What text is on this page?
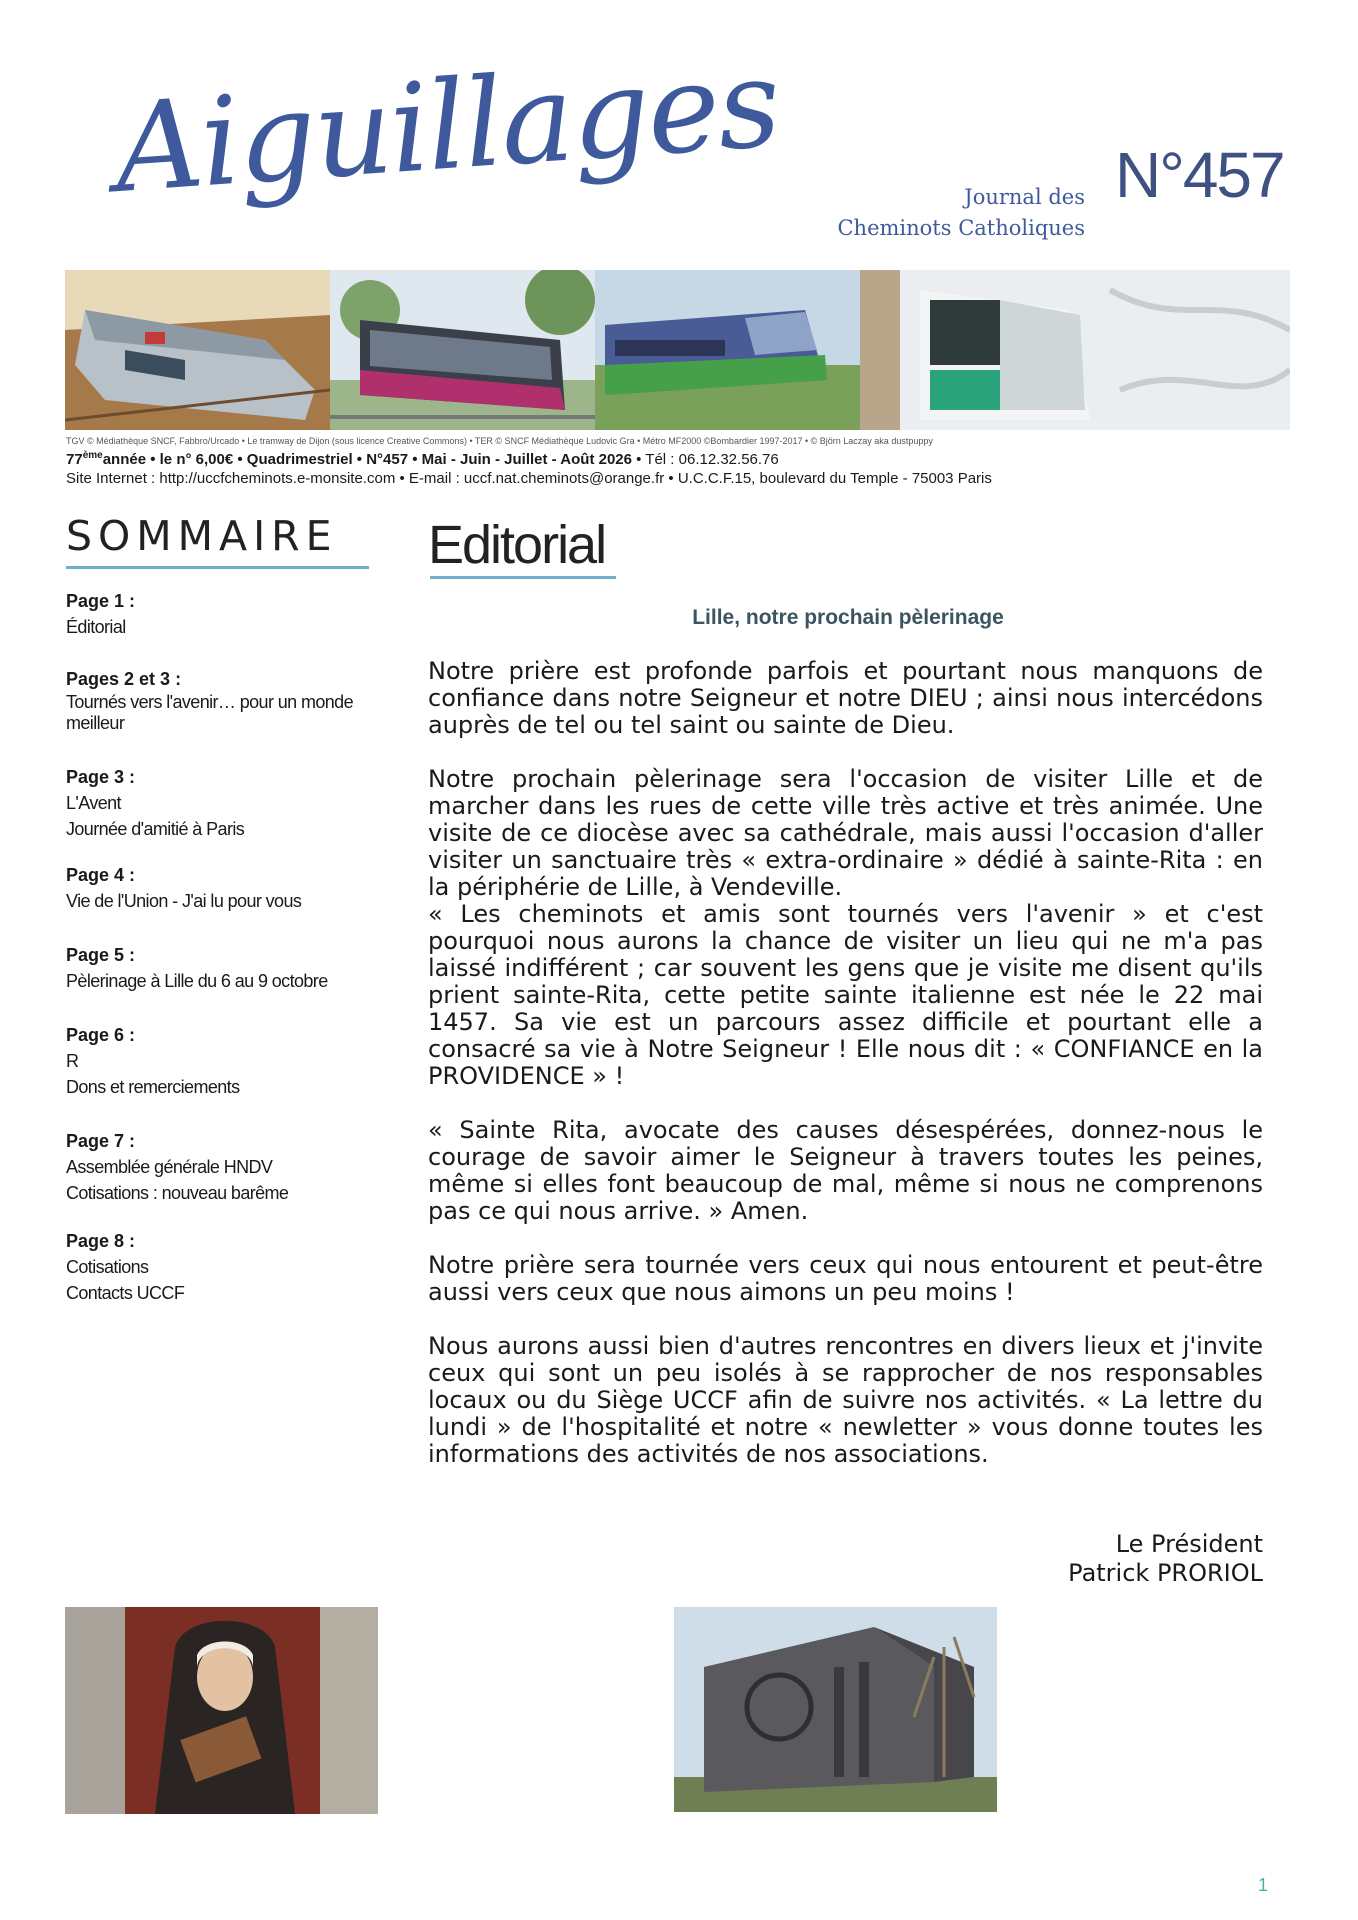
Aiguillages	Journal des
Cheminots Catholiques
N°457
TGV © Médiathèque SNCF, Fabbro/Urcado • Le tramway de Dijon (sous licence Creative Commons) • TER © SNCF Médiathèque Ludovic Gra • Métro MF2000 ©Bombardier 1997-2017 • © Björn Laczay aka dustpuppy
77èmeannée • le n° 6,00€ • Quadrimestriel • N°457 • Mai - Juin - Juillet - Août 2026 • Tél : 06.12.32.56.76
Site Internet : http://uccfcheminots.e-monsite.com • E-mail : uccf.nat.cheminots@orange.fr • U.C.C.F.15, boulevard du Temple - 75003 Paris
SOMMAIRE
Page 1 :
Éditorial
Pages 2 et 3 :
Tournés vers l'avenir… pour un monde meilleur
Page 3 :
L'Avent
Journée d'amitié à Paris
Page 4 :
Vie de l'Union - J'ai lu pour vous
Page 5 :
Pèlerinage à Lille du 6 au 9 octobre
Page 6 :
R
Dons et remerciements
Page 7 :
Assemblée générale HNDV
Cotisations : nouveau barême
Page 8 :
Cotisations
Contacts UCCF
Editorial
Lille, notre prochain pèlerinage

Notre prière est profonde parfois et pourtant nous manquons de confiance dans notre Seigneur et notre DIEU ; ainsi nous intercédons auprès de tel ou tel saint ou sainte de Dieu.

Notre prochain pèlerinage sera l'occasion de visiter Lille et de marcher dans les rues de cette ville très active et très animée. Une visite de ce diocèse avec sa cathédrale, mais aussi l'occasion d'aller visiter un sanctuaire très « extra-ordinaire » dédié à sainte-Rita : en la périphérie de Lille, à Vendeville.

« Les cheminots et amis sont tournés vers l'avenir » et c'est pourquoi nous aurons la chance de visiter un lieu qui ne m'a pas laissé indifférent ; car souvent les gens que je visite me disent qu'ils prient sainte-Rita, cette petite sainte italienne est née le 22 mai 1457. Sa vie est un parcours assez difficile et pourtant elle a consacré sa vie à Notre Seigneur ! Elle nous dit : « CONFIANCE en la PROVIDENCE » !

« Sainte Rita, avocate des causes désespérées, donnez-nous le courage de savoir aimer le Seigneur à travers toutes les peines, même si elles font beaucoup de mal, même si nous ne comprenons pas ce qui nous arrive. » Amen.

Notre prière sera tournée vers ceux qui nous entourent et peut-être aussi vers ceux que nous aimons un peu moins !

Nous aurons aussi bien d'autres rencontres en divers lieux et j'invite ceux qui sont un peu isolés à se rapprocher de nos responsables locaux ou du Siège UCCF afin de suivre nos activités. « La lettre du lundi » de l'hospitalité et notre « newletter » vous donne toutes les informations des activités de nos associations.

Le Président
Patrick PRORIOL
1
